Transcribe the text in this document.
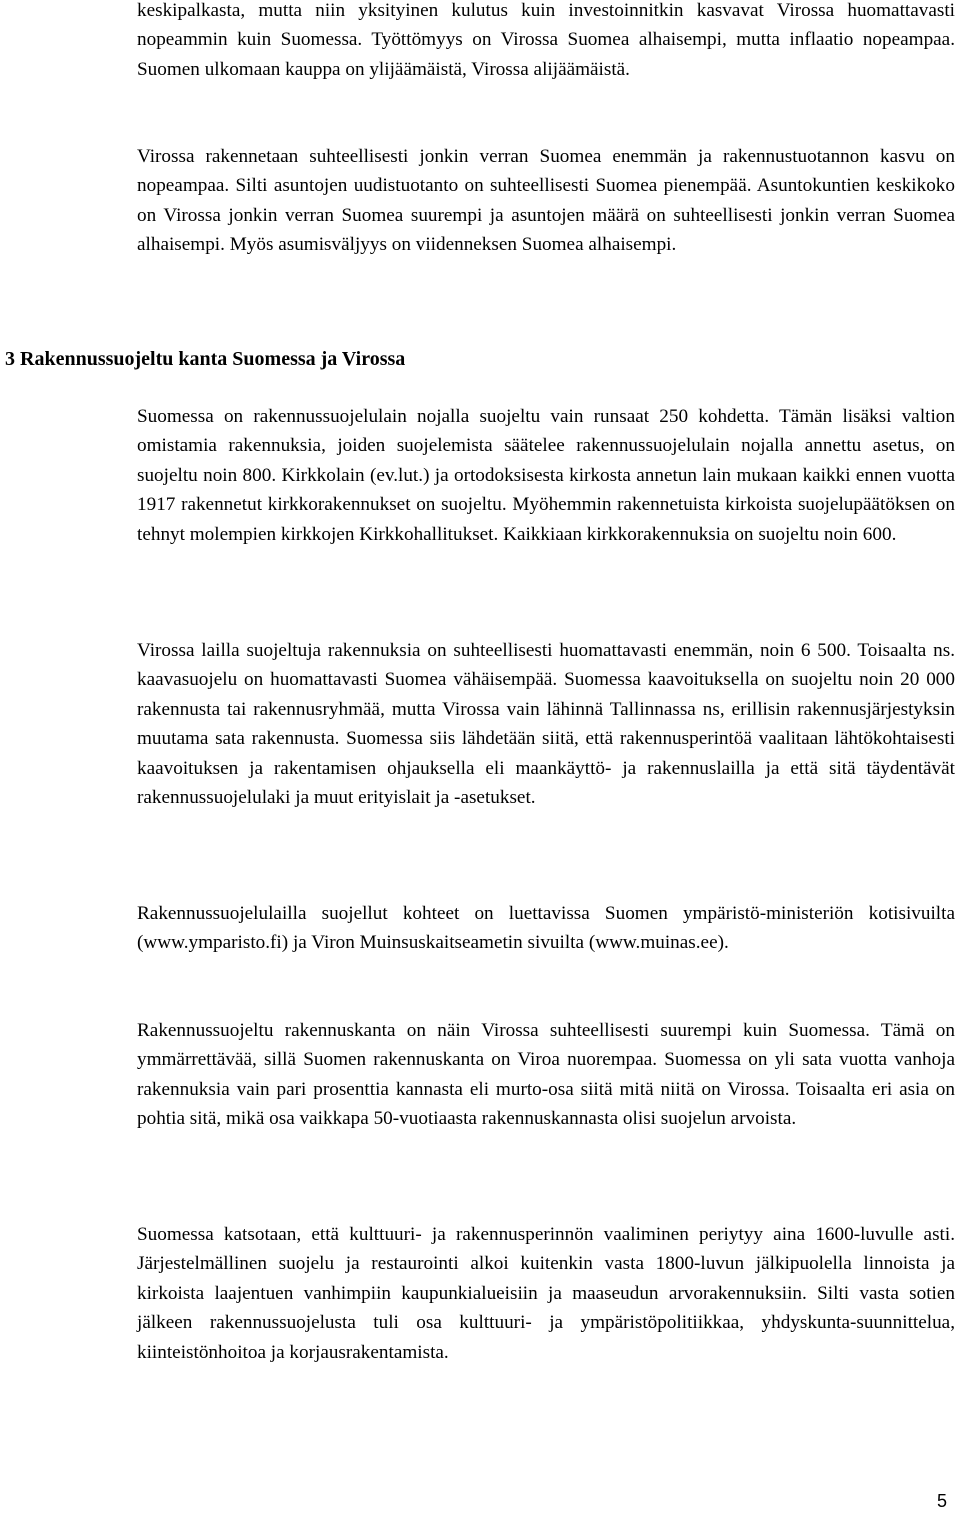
keskipalkasta, mutta niin yksityinen kulutus kuin investoinnitkin kasvavat Virossa huomattavasti nopeammin kuin Suomessa. Työttömyys on Virossa Suomea alhaisempi, mutta inflaatio nopeampaa. Suomen ulkomaan kauppa on ylijäämäistä, Virossa alijäämäistä.

Virossa rakennetaan suhteellisesti jonkin verran Suomea enemmän ja rakennustuotannon kasvu on nopeampaa. Silti asuntojen uudistuotanto on suhteellisesti Suomea pienempää. Asuntokuntien keskikoko on Virossa jonkin verran Suomea suurempi ja asuntojen määrä on suhteellisesti jonkin verran Suomea alhaisempi. Myös asumisväljyys on viidenneksen Suomea alhaisempi.

3 Rakennussuojeltu kanta Suomessa ja Virossa

Suomessa on rakennussuojelulain nojalla suojeltu vain runsaat 250 kohdetta. Tämän lisäksi valtion omistamia rakennuksia, joiden suojelemista säätelee rakennussuojelulain nojalla annettu asetus, on suojeltu noin 800. Kirkkolain (ev.lut.) ja ortodoksisesta kirkosta annetun lain mukaan kaikki ennen vuotta 1917 rakennetut kirkkorakennukset on suojeltu. Myöhemmin rakennetuista kirkoista suojelupäätöksen on tehnyt molempien kirkkojen Kirkkohallitukset. Kaikkiaan kirkkorakennuksia on suojeltu noin 600.

Virossa lailla suojeltuja rakennuksia on suhteellisesti huomattavasti enemmän, noin 6 500. Toisaalta ns. kaavasuojelu on huomattavasti Suomea vähäisempää. Suomessa kaavoituksella on suojeltu noin 20 000 rakennusta tai rakennusryhmää, mutta Virossa vain lähinnä Tallinnassa ns, erillisin rakennusjärjestyksin muutama sata rakennusta. Suomessa siis lähdetään siitä, että rakennusperintöä vaalitaan lähtökohtaisesti kaavoituksen ja rakentamisen ohjauksella eli maankäyttö- ja rakennuslailla ja että sitä täydentävät rakennussuojelulaki ja muut erityislait ja -asetukset.

Rakennussuojelulailla suojellut kohteet on luettavissa Suomen ympäristö-ministeriön kotisivuilta (www.ymparisto.fi) ja Viron Muinsuskaitseametin sivuilta (www.muinas.ee).

Rakennussuojeltu rakennuskanta on näin Virossa suhteellisesti suurempi kuin Suomessa. Tämä on ymmärrettävää, sillä Suomen rakennuskanta on Viroa nuorempaa. Suomessa on yli sata vuotta vanhoja rakennuksia vain pari prosenttia kannasta eli murto-osa siitä mitä niitä on Virossa. Toisaalta eri asia on pohtia sitä, mikä osa vaikkapa 50-vuotiaasta rakennuskannasta olisi suojelun arvoista.

Suomessa katsotaan, että kulttuuri- ja rakennusperinnön vaaliminen periytyy aina 1600-luvulle asti. Järjestelmällinen suojelu ja restaurointi alkoi kuitenkin vasta 1800-luvun jälkipuolella linnoista ja kirkoista laajentuen vanhimpiin kaupunkialueisiin ja maaseudun arvorakennuksiin. Silti vasta sotien jälkeen rakennussuojelusta tuli osa kulttuuri- ja ympäristöpolitiikkaa, yhdyskunta-suunnittelua, kiinteistönhoitoa ja korjausrakentamista.

5
